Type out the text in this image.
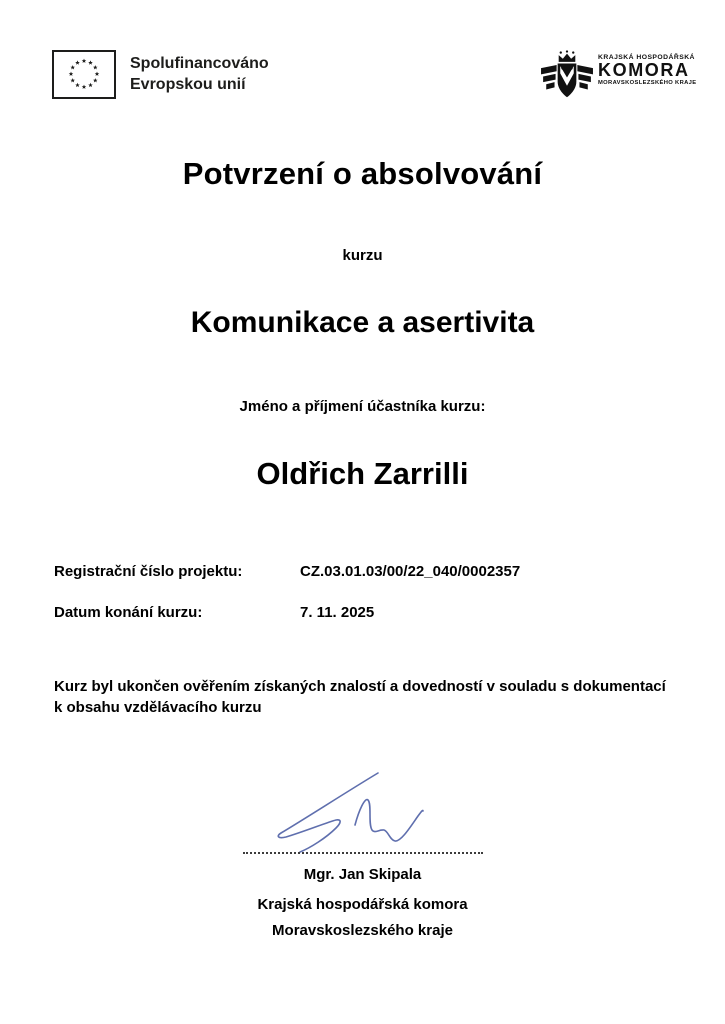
Spolufinancováno
Evropskou unií
KRAJSKÁ HOSPODÁŘSKÁ
KOMORA
MORAVSKOSLEZSKÉHO KRAJE
Potvrzení o absolvování
kurzu
Komunikace a asertivita
Jméno a příjmení účastníka kurzu:
Oldřich Zarrilli
Registrační číslo projektu:	CZ.03.01.03/00/22_040/0002357
Datum konání kurzu:	7. 11. 2025
Kurz byl ukončen ověřením získaných znalostí a dovedností v souladu s dokumentací k obsahu vzdělávacího kurzu
Mgr. Jan Skipala
Krajská hospodářská komora
Moravskoslezského kraje
